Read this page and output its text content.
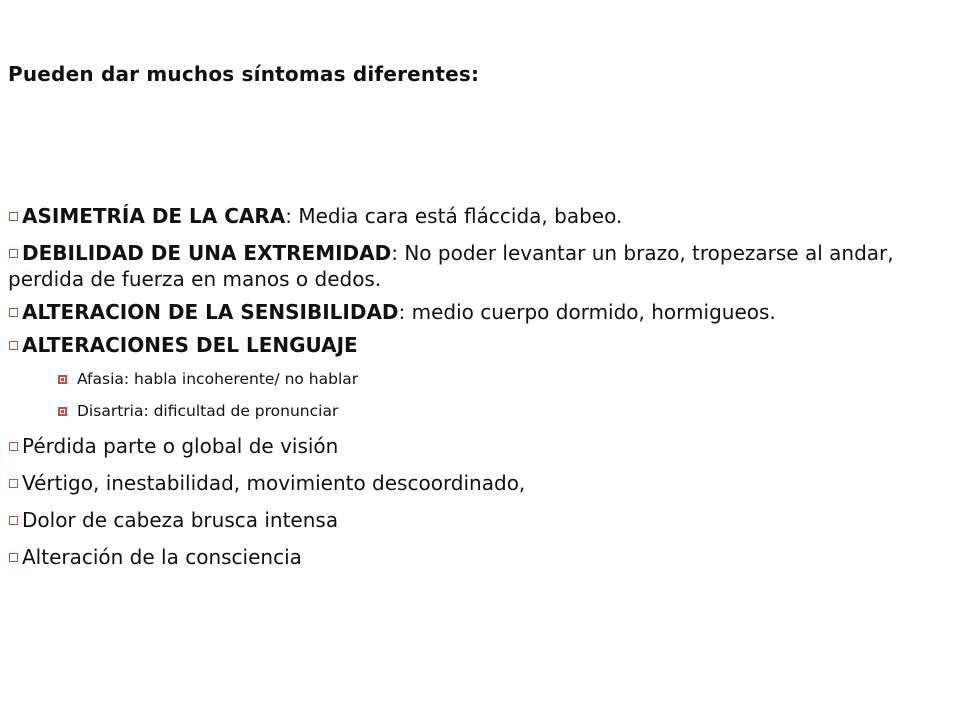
Pueden dar muchos síntomas diferentes:
ASIMETRÍA DE LA CARA: Media cara está fláccida, babeo.
DEBILIDAD DE UNA EXTREMIDAD: No poder levantar un brazo, tropezarse al andar, perdida de fuerza en manos o dedos.
ALTERACION DE LA SENSIBILIDAD: medio cuerpo dormido, hormigueos.
ALTERACIONES DEL LENGUAJE
Afasia: habla incoherente/ no hablar
Disartria: dificultad de pronunciar
Pérdida parte o global de visión
Vértigo, inestabilidad, movimiento descoordinado,
Dolor de cabeza brusca intensa
Alteración de la consciencia
